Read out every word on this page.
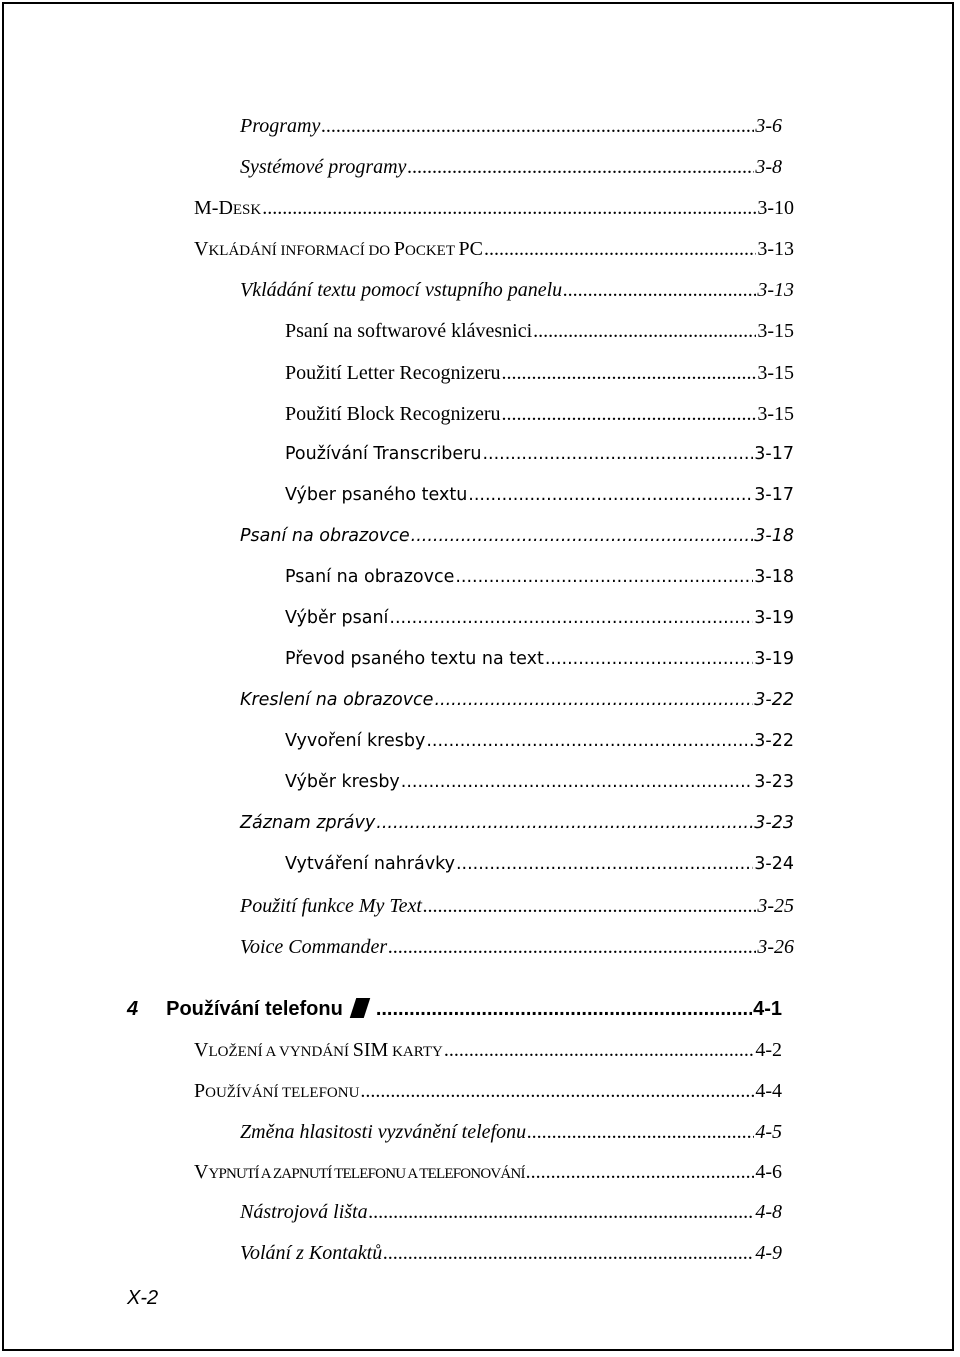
Programy .....	3-6
Systémové programy .....	3-8
M-DESK .....	3-10
VKLÁDÁNÍ INFORMACÍ DO POCKET PC .....	3-13
Vkládání textu pomocí vstupního panelu .....	3-13
Psaní na softwarové klávesnici .....	3-15
Použití Letter Recognizeru .....	3-15
Použití Block Recognizeru .....	3-15
Používání Transcriberu .....	3-17
Výber psaného textu .....	3-17
Psaní na obrazovce .....	3-18
Psaní na obrazovce .....	3-18
Výběr psaní .....	3-19
Převod psaného textu na text .....	3-19
Kreslení na obrazovce .....	3-22
Vyvoření kresby .....	3-22
Výběr kresby .....	3-23
Záznam zprávy .....	3-23
Vytváření nahrávky .....	3-24
Použití funkce My Text .....	3-25
Voice Commander .....	3-26
4 Používání telefonu .....	4-1
VLOŽENÍ A VYNDÁNÍ SIM KARTY .....	4-2
POUŽÍVÁNÍ TELEFONU .....	4-4
Změna hlasitosti vyzvánění telefonu .....	4-5
VYPNUTÍ A ZAPNUTÍ TELEFONU A TELEFONOVÁNÍ .....	4-6
Nástrojová lišta .....	4-8
Volání z Kontaktů .....	4-9
X-2
